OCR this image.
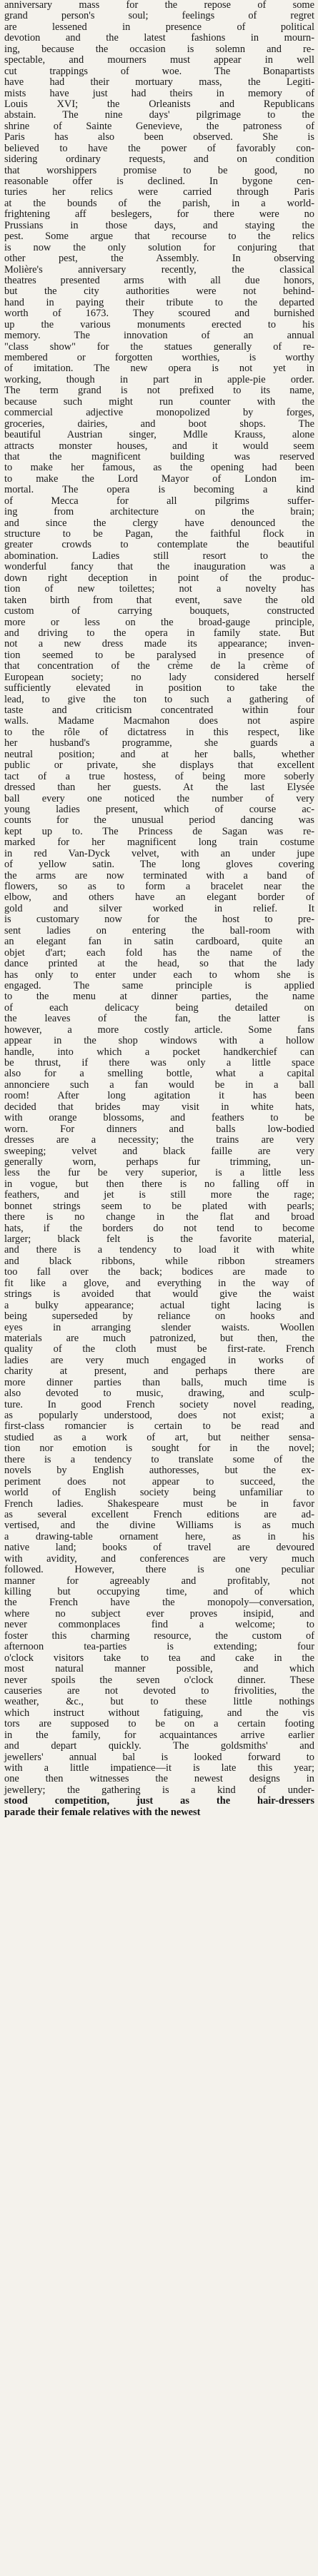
anniversary mass for the repose of some
grand person's soul; feelings of regret
are lessened in presence of political
devotion and the latest fashions in mourn-
ing, because the occasion is solemn and re-
spectable, and mourners must appear in well
cut trappings of woe. The Bonapartists
have had their mortuary mass, the Legiti-
mists have just had theirs in memory of
Louis XVI; the Orleanists and Republicans
abstain. The nine days' pilgrimage to the
shrine of Sainte Genevieve, the patroness of
Paris has also been observed. She is
believed to have the power of favorably con-
sidering ordinary requests, and on condition
that worshippers promise to be good, no
reasonable offer is declined. In bygone cen-
turies her relics were carried through Paris
at the bounds of the parish, in a world-
frightening aff beslegers, for there were no
Prussians in those days, and staying the
pest. Some argue that recourse to the relics
is now the only solution for conjuring that
other pest, the Assembly. In observing
Molière's anniversary recently, the classical
theatres presented arms with all due honors,
but the city authorities were not behind-
hand in paying their tribute to the departed
worth of 1673. They scoured and burnished
up the various monuments erected to his
memory. The innovation of an annual
"class show" for the statues generally of re-
membered or forgotten worthies, is worthy
of imitation. The new opera is not yet in
working, though in part in apple-pie order.
The term grand is not prefixed to its name,
because such might run counter with the
commercial adjective monopolized by forges,
groceries, dairies, and boot shops. The
beautiful Austrian singer, Mdlle Krauss, alone
attracts monster houses, and it would seem
that the magnificent building was reserved
to make her famous, as the opening had been
to make the Lord Mayor of London im-
mortal. The opera is becoming a kind
of Mecca for all pilgrims suffer-
ing from architecture on the brain;
and since the clergy have denounced the
structure to be Pagan, the faithful flock in
greater crowds to contemplate the beautiful
abomination. Ladies still resort to the
wonderful fancy that the inauguration was a
down right deception in point of the produc-
tion of new toilettes; not a novelty has
taken birth from that event, save the old
custom of carrying bouquets, constructed
more or less on the broad-gauge principle,
and driving to the opera in family state. But
not a new dress made its appearance; inven-
tion seemed to be paralysed in presence of
that concentration of the crème de la crème of
European society; no lady considered herself
sufficiently elevated in position to take the
lead, to give the ton to such a gathering of
taste and criticism concentrated within four
walls. Madame Macmahon does not aspire
to the rôle of dictatress in this respect, like
her husband's programme, she guards a
neutral position; and at her balls, whether
public or private, she displays that excellent
tact of a true hostess, of being more soberly
dressed than her guests. At the last Elysée
ball every one noticed the number of very
young ladies present, which of course ac-
counts for the unusual period dancing was
kept up to. The Princess de Sagan was re-
marked for her magnificent long train costume
in red Van-Dyck velvet, with an under jupe
of yellow satin. The long gloves covering
the arms are now terminated with a band of
flowers, so as to form a bracelet near the
elbow, and others have an elegant border of
gold and silver worked in relief. It
is customary now for the host to pre-
sent ladies on entering the ball-room with
an elegant fan in satin cardboard, quite an
objet d'art; each fold has the name of the
dance printed at the head, so that the lady
has only to enter under each to whom she is
engaged. The same principle is applied
to the menu at dinner parties, the name
of each delicacy being detailed on
the leaves of the fan, the latter is
however, a more costly article. Some fans
appear in the shop windows with a hollow
handle, into which a pocket handkerchief can
be thrust, if there was only a little space
also for a smelling bottle, what a capital
annonciere such a fan would be in a ball
room! After long agitation it has been
decided that brides may visit in white hats,
with orange blossoms, and feathers to be
worn. For dinners and balls low-bodied
dresses are a necessity; the trains are very
sweeping; velvet and black faille are very
generally worn, perhaps fur trimming, un-
less the fur be very superior, is a little less
in vogue, but then there is no falling off in
feathers, and jet is still more the rage;
bonnet strings seem to be plated with pearls;
there is no change in the flat and broad
hats, if the borders do not tend to become
larger; black felt is the favorite material,
and there is a tendency to load it with white
and black ribbons, while ribbon streamers
too fall over the back; bodices are made to
fit like a glove, and everything in the way of
strings is avoided that would give the waist
a bulky appearance; actual tight lacing is
being superseded by reliance on hooks and
eyes in arranging slender waists. Woollen
materials are much patronized, but then, the
quality of the cloth must be first-rate. French
ladies are very much engaged in works of
charity at present, and perhaps there are
more dinner parties than balls, much time is
also devoted to music, drawing, and sculp-
ture. In good French society novel reading,
as popularly understood, does not exist; a
first-class romancier is certain to be read and
studied as a work of art, but neither sensa-
tion nor emotion is sought for in the novel;
there is a tendency to translate some of the
novels by English authoresses, but the ex-
periment does not appear to succeed, the
world of English society being unfamiliar to
French ladies. Shakespeare must be in favor
as several excellent French editions are ad-
vertised, and the divine Williams is as much
a drawing-table ornament here, as in his
native land; books of travel are devoured
with avidity, and conferences are very much
followed. However, there is one peculiar
manner for agreeably and profitably, not
killing but occupying time, and of which
the French have the monopoly—conversation,
where no subject ever proves insipid, and
never commonplaces find a welcome; to
foster this charming resource, the custom of
afternoon tea-parties is extending; four
o'clock visitors take to tea and cake in the
most natural manner possible, and which
never spoils the seven o'clock dinner. These
causeries are not devoted to frivolities, the
weather, &c., but to these little nothings
which instruct without fatiguing, and the vis
tors are supposed to be on a certain footing
in the family, for acquaintances arrive earlier
and depart quickly. The goldsmiths' and
jewellers' annual bal is looked forward to
with a little impatience—it is late this year;
one then witnesses the newest designs in
jewellery; the gathering is a kind of under-
stood competition, just as the hair-dressers
parade their female relatives with the newest
